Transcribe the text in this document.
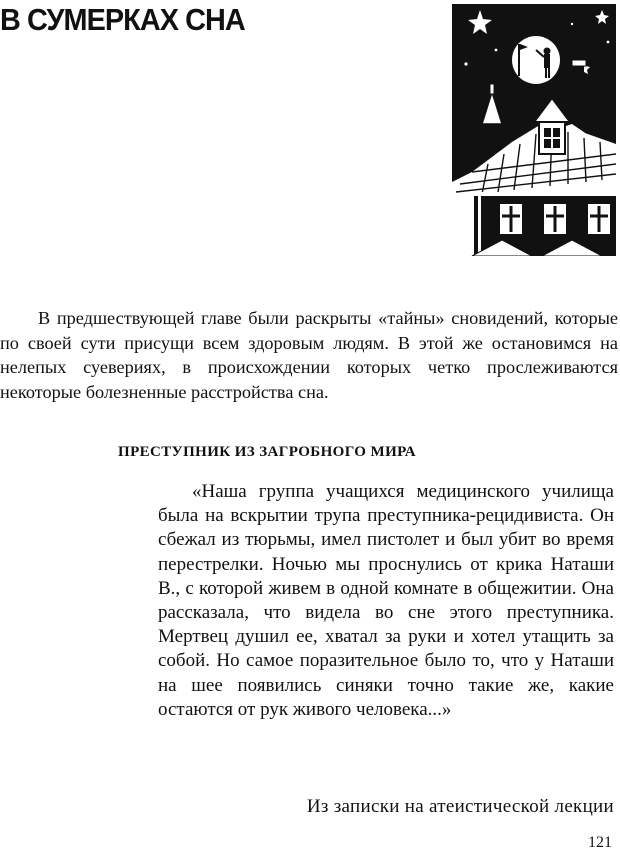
В СУМЕРКАХ СНА

В предшествующей главе были раскрыты «тайны» сновидений, которые по своей сути присущи всем здоровым людям. В этой же остановимся на нелепых суевериях, в происхождении которых четко прослеживаются некоторые болезненные расстройства сна.

ПРЕСТУПНИК ИЗ ЗАГРОБНОГО МИРА

«Наша группа учащихся медицинского училища была на вскрытии трупа преступника-рецидивиста. Он сбежал из тюрьмы, имел пистолет и был убит во время перестрелки. Ночью мы проснулись от крика Наташи В., с которой живем в одной комнате в общежитии. Она рассказала, что видела во сне этого преступника. Мертвец душил ее, хватал за руки и хотел утащить за собой. Но самое поразительное было то, что у Наташи на шее появились синяки точно такие же, какие остаются от рук живого человека...»

Из записки на атеистической лекции

121
